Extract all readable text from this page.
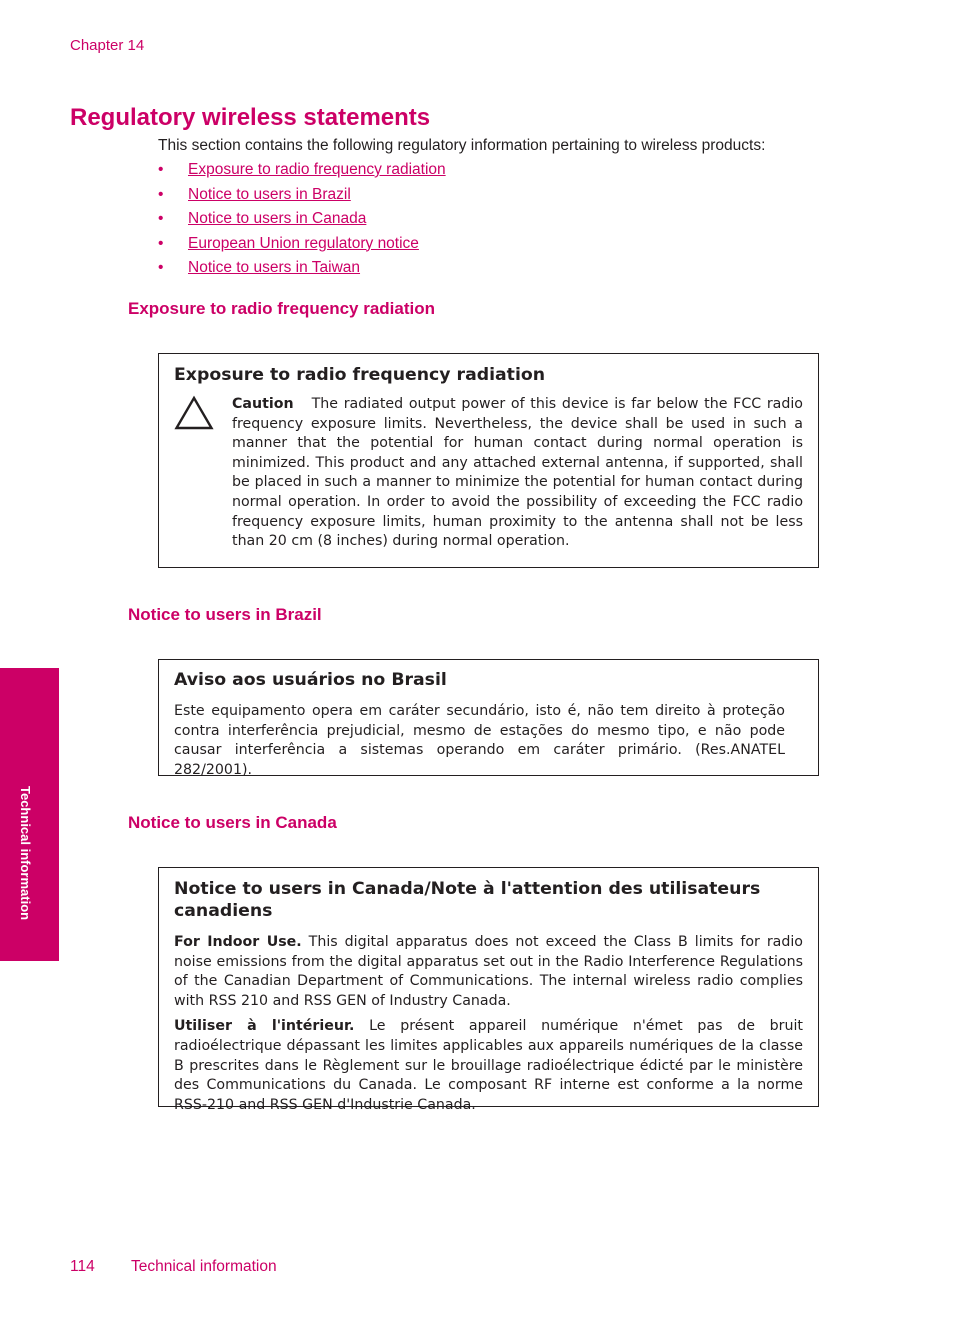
Chapter 14
Regulatory wireless statements

This section contains the following regulatory information pertaining to wireless products:

• Exposure to radio frequency radiation
• Notice to users in Brazil
• Notice to users in Canada
• European Union regulatory notice
• Notice to users in Taiwan
Exposure to radio frequency radiation
Exposure to radio frequency radiation

Caution The radiated output power of this device is far below the FCC radio frequency exposure limits. Nevertheless, the device shall be used in such a manner that the potential for human contact during normal operation is minimized. This product and any attached external antenna, if supported, shall be placed in such a manner to minimize the potential for human contact during normal operation. In order to avoid the possibility of exceeding the FCC radio frequency exposure limits, human proximity to the antenna shall not be less than 20 cm (8 inches) during normal operation.

Notice to users in Brazil
Aviso aos usuários no Brasil

Este equipamento opera em caráter secundário, isto é, não tem direito à proteção contra interferência prejudicial, mesmo de estações do mesmo tipo, e não pode causar interferência a sistemas operando em caráter primário. (Res.ANATEL 282/2001).

Notice to users in Canada
Notice to users in Canada/Note à l'attention des utilisateurs canadiens

For Indoor Use. This digital apparatus does not exceed the Class B limits for radio noise emissions from the digital apparatus set out in the Radio Interference Regulations of the Canadian Department of Communications. The internal wireless radio complies with RSS 210 and RSS GEN of Industry Canada.

Utiliser à l'intérieur. Le présent appareil numérique n'émet pas de bruit radioélectrique dépassant les limites applicables aux appareils numériques de la classe B prescrites dans le Règlement sur le brouillage radioélectrique édicté par le ministère des Communications du Canada. Le composant RF interne est conforme a la norme RSS-210 and RSS GEN d'Industrie Canada.

Technical information
114 Technical information
